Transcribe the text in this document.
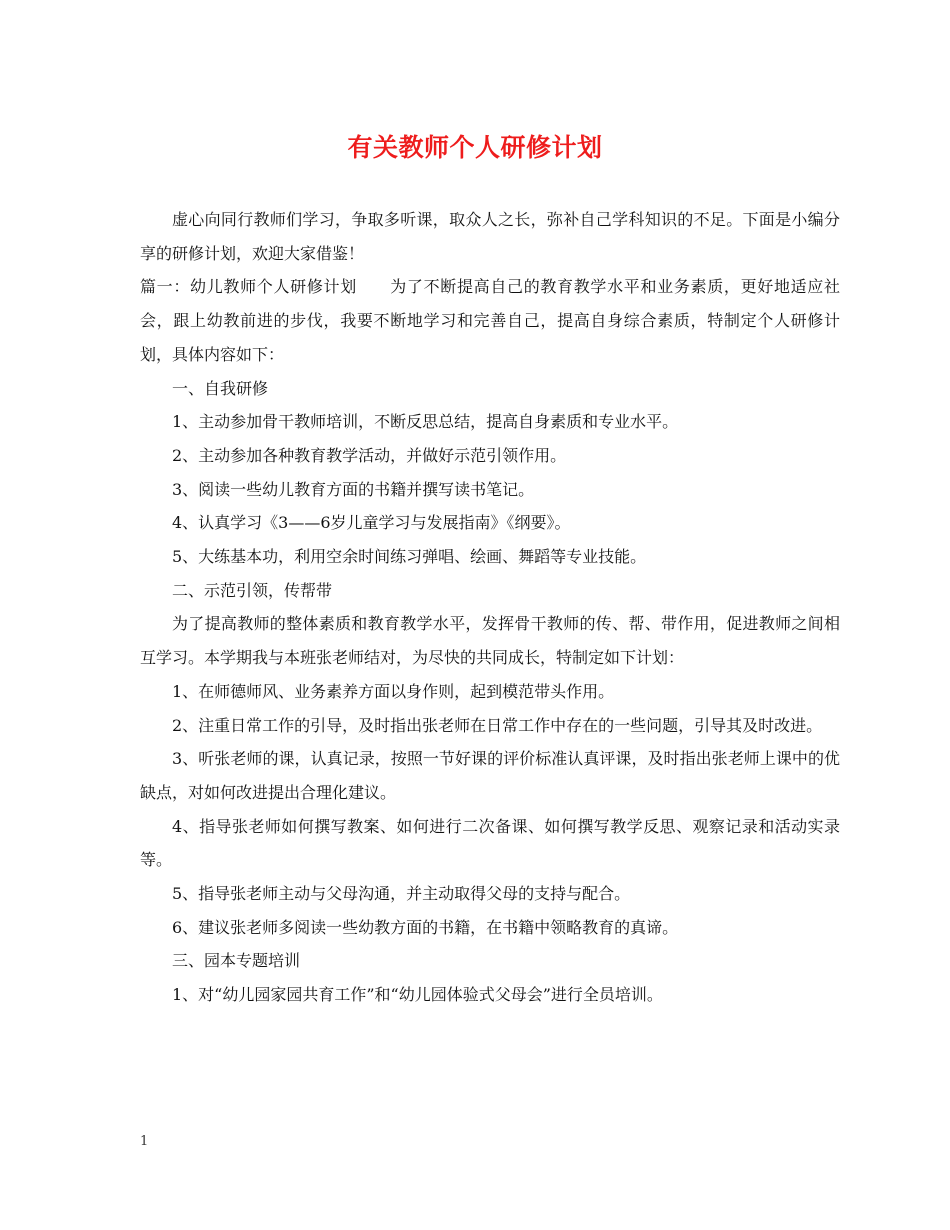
有关教师个人研修计划

虚心向同行教师们学习，争取多听课，取众人之长，弥补自己学科知识的不足。下面是小编分享的研修计划，欢迎大家借鉴！

篇一：幼儿教师个人研修计划　　为了不断提高自己的教育教学水平和业务素质，更好地适应社会，跟上幼教前进的步伐，我要不断地学习和完善自己，提高自身综合素质，特制定个人研修计划，具体内容如下：

一、自我研修

1、主动参加骨干教师培训，不断反思总结，提高自身素质和专业水平。

2、主动参加各种教育教学活动，并做好示范引领作用。

3、阅读一些幼儿教育方面的书籍并撰写读书笔记。

4、认真学习《3——6岁儿童学习与发展指南》《纲要》。

5、大练基本功，利用空余时间练习弹唱、绘画、舞蹈等专业技能。

二、示范引领，传帮带

为了提高教师的整体素质和教育教学水平，发挥骨干教师的传、帮、带作用，促进教师之间相互学习。本学期我与本班张老师结对，为尽快的共同成长，特制定如下计划：

1、在师德师风、业务素养方面以身作则，起到模范带头作用。

2、注重日常工作的引导，及时指出张老师在日常工作中存在的一些问题，引导其及时改进。

3、听张老师的课，认真记录，按照一节好课的评价标准认真评课，及时指出张老师上课中的优缺点，对如何改进提出合理化建议。

4、指导张老师如何撰写教案、如何进行二次备课、如何撰写教学反思、观察记录和活动实录等。

5、指导张老师主动与父母沟通，并主动取得父母的支持与配合。

6、建议张老师多阅读一些幼教方面的书籍，在书籍中领略教育的真谛。

三、园本专题培训

1、对“幼儿园家园共育工作”和“幼儿园体验式父母会”进行全员培训。

1
